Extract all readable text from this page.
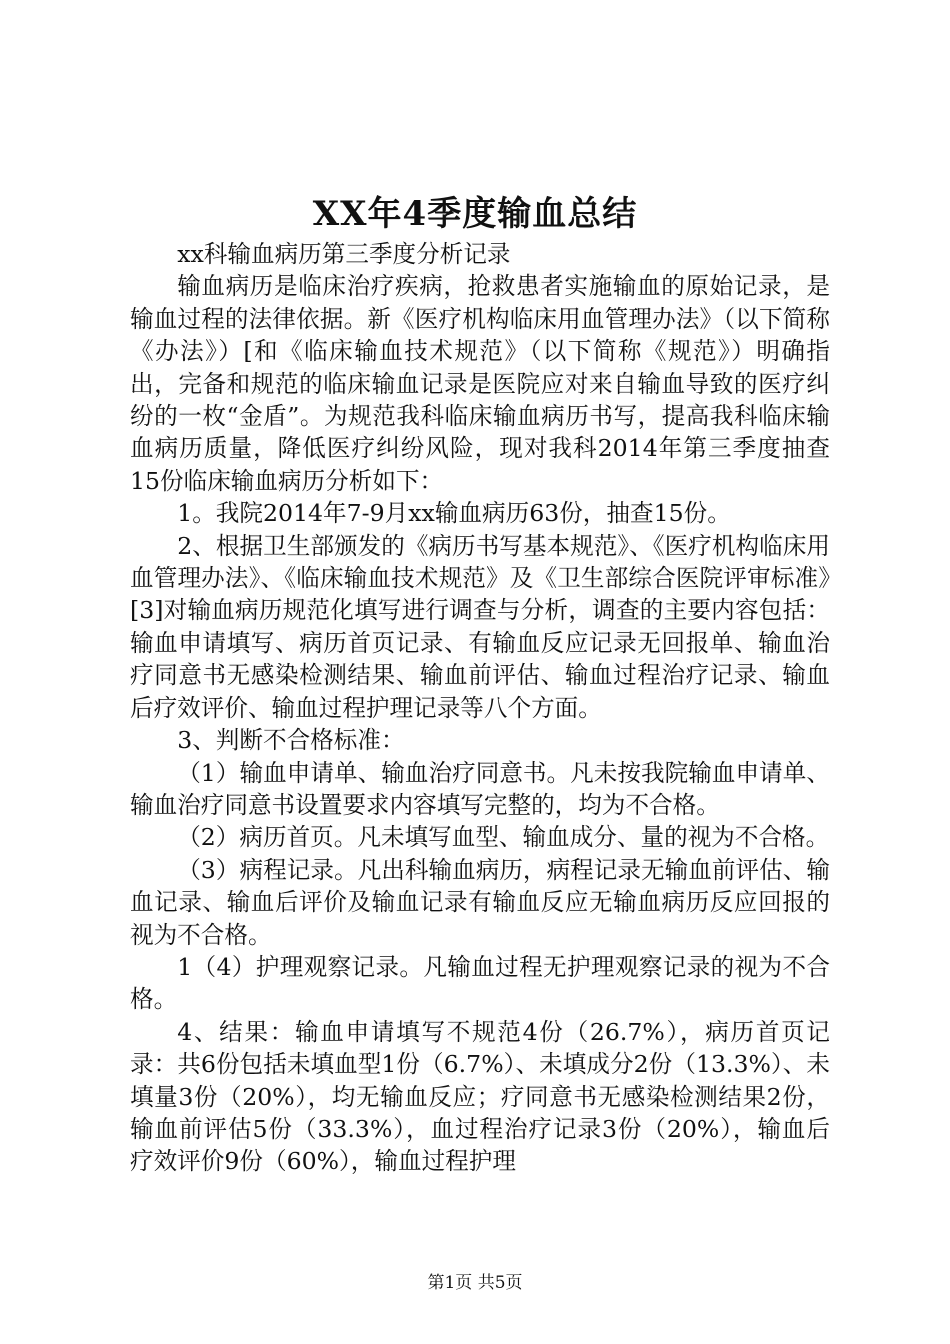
XX年4季度输血总结

xx科输血病历第三季度分析记录

输血病历是临床治疗疾病，抢救患者实施输血的原始记录，是输血过程的法律依据。新《医疗机构临床用血管理办法》（以下简称《办法》）[和《临床输血技术规范》（以下简称《规范》）明确指出，完备和规范的临床输血记录是医院应对来自输血导致的医疗纠纷的一枚“金盾”。为规范我科临床输血病历书写，提高我科临床输血病历质量，降低医疗纠纷风险，现对我科2014年第三季度抽查15份临床输血病历分析如下：

1。我院2014年7-9月xx输血病历63份，抽查15份。

2、根据卫生部颁发的《病历书写基本规范》、《医疗机构临床用血管理办法》、《临床输血技术规范》及《卫生部综合医院评审标准》[3]对输血病历规范化填写进行调查与分析，调查的主要内容包括：输血申请填写、病历首页记录、有输血反应记录无回报单、输血治疗同意书无感染检测结果、输血前评估、输血过程治疗记录、输血后疗效评价、输血过程护理记录等八个方面。

3、判断不合格标准：

（1）输血申请单、输血治疗同意书。凡未按我院输血申请单、输血治疗同意书设置要求内容填写完整的，均为不合格。

（2）病历首页。凡未填写血型、输血成分、量的视为不合格。

（3）病程记录。凡出科输血病历，病程记录无输血前评估、输血记录、输血后评价及输血记录有输血反应无输血病历反应回报的视为不合格。

1（4）护理观察记录。凡输血过程无护理观察记录的视为不合格。

4、结果：输血申请填写不规范4份（26.7%），病历首页记录：共6份包括未填血型1份（6.7%）、未填成分2份（13.3%）、未填量3份（20%），均无输血反应；疗同意书无感染检测结果2份，输血前评估5份（33.3%），血过程治疗记录3份（20%），输血后疗效评价9份（60%），输血过程护理

第1页 共5页
